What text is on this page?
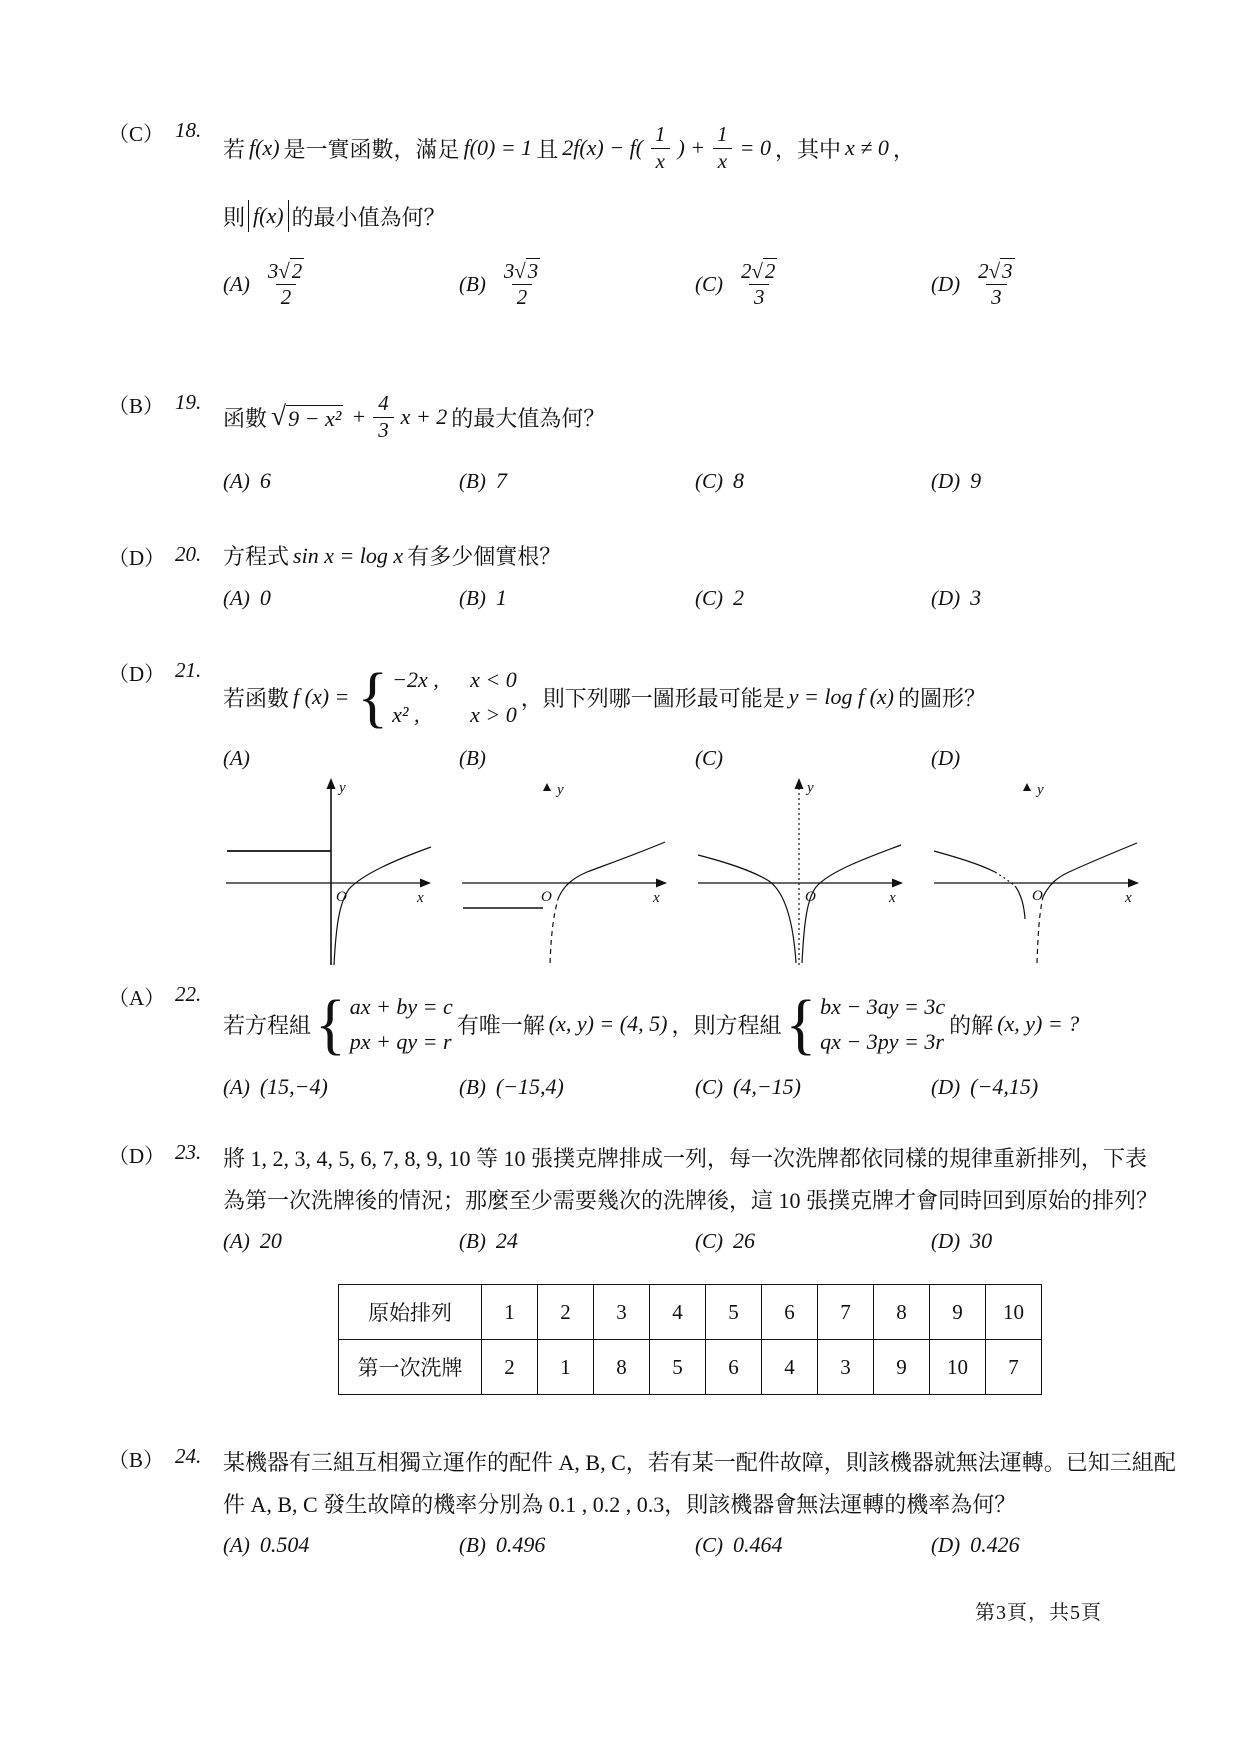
（C） 18.
若 f(x) 是一實函數，滿足 f(0) = 1 且 $2f(x) - f( \frac{1}{x}$ ) + $\frac{1}{x} = 0$ ，其中 x ≠ 0 ，
則 f(x) 的最小值為何？
$(A) \frac{3√2}{2}$	$(B) \frac{3√3}{2}$	$(C) \frac{2√2}{3}$	$(D) \frac{2√3}{3}$
（B） 19.
函數 $√9 - x^2 + \frac{4}{3}$ x + 2 的最大值為何？
(A) 6	(B) 7	(C) 8	(D) 9
（D） 20. 方程式 sin x = log x 有多少個實根？
(A) 0	(B) 1	(C) 2	(D) 3
（D） 21.
若函數 f (x) = { −2x ,	x < 0
x² ,	x > 0
，則下列哪一圖形最可能是 y = log f (x) 的圖形？
(A)	(B)	(C)	(D)
y
x
O
y
x
O
y
x
O
y
x
O
（A） 22.
若方程組 { ax + by = c
px + qy = r
有唯一解 (x, y) = (4, 5) ，則方程組 { bx − 3ay = 3c
qx − 3py = 3r
的解 (x, y) = ?
(A) (15,−4)	(B) (−15,4)	(C) (4,−15)	(D) (−4,15)
（D） 23. 將 1, 2, 3, 4, 5, 6, 7, 8, 9, 10 等 10 張撲克牌排成一列，每一次洗牌都依同樣的規律重新排列，下表
為第一次洗牌後的情況；那麼至少需要幾次的洗牌後，這 10 張撲克牌才會同時回到原始的排列？
(A) 20	(B) 24	(C) 26	(D) 30
原始排列	1	2	3	4	5	6	7	8	9	10
第一次洗牌	2	1	8	5	6	4	3	9	10	7
（B） 24. 某機器有三組互相獨立運作的配件 A, B, C，若有某一配件故障，則該機器就無法運轉。已知三組配
件 A, B, C 發生故障的機率分別為 0.1 , 0.2 , 0.3，則該機器會無法運轉的機率為何？
(A) 0.504	(B) 0.496	(C) 0.464	(D) 0.426
第3頁，共5頁
